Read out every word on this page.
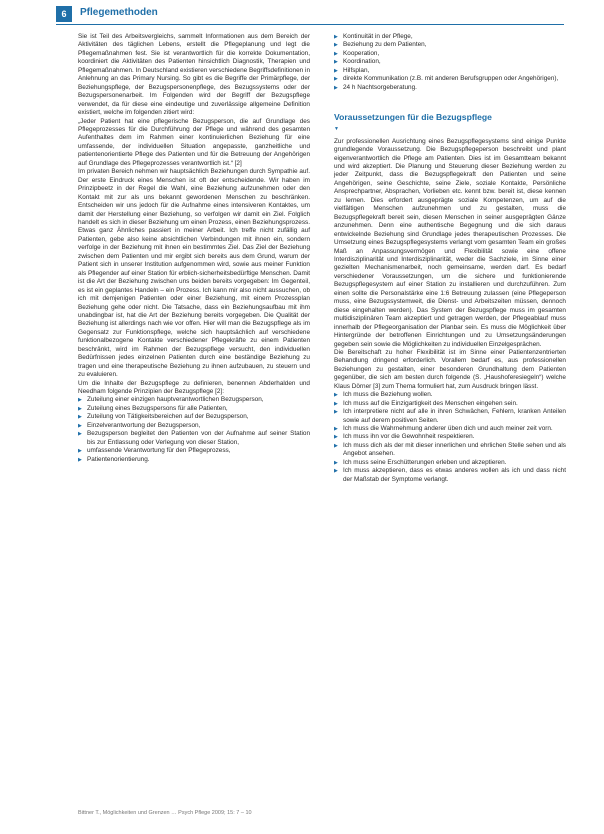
6	Pflegemethoden

Sie ist Teil des Arbeitsvergleichs, sammelt Informationen aus dem Bereich der Aktivitäten des täglichen Lebens, erstellt die Pflegeplanung und legt die Pflegemaßnahmen fest. Sie ist verantwortlich für die korrekte Dokumentation, koordiniert die Aktivitäten des Patienten hinsichtlich Diagnostik, Therapien und Pflegemaßnahmen. In Deutschland existieren verschiedene Begriffsdefinitionen in Anlehnung an das Primary Nursing. So gibt es die Begriffe der Primärpflege, der Beziehungspflege, der Bezugspersonenpflege, des Bezugssystems oder der Bezugspersonenarbeit. Im Folgenden wird der Begriff der Bezugspflege verwendet, da für diese eine eindeutige und zuverlässige allgemeine Definition existiert, welche im folgenden zitiert wird:

„Jeder Patient hat eine pflegerische Bezugsperson, die auf Grundlage des Pflegeprozesses für die Durchführung der Pflege und während des gesamten Aufenthaltes dem im Rahmen einer kontinuierlichen Beziehung für eine umfassende, der individuellen Situation angepasste, ganzheitliche und patientenorientierte Pflege des Patienten und für die Betreuung der Angehörigen auf Grundlage des Pflegeprozesses verantwortlich ist.“ [2]

Im privaten Bereich nehmen wir hauptsächlich Beziehungen durch Sympathie auf. Der erste Eindruck eines Menschen ist oft der entscheidende. Wir haben im Prinzipbeetz in der Regel die Wahl, eine Beziehung aufzunehmen oder den Kontakt mit zur als uns bekannt gewordenen Menschen zu beschränken. Entscheiden wir uns jedoch für die Aufnahme eines intensiveren Kontaktes, um damit der Herstellung einer Beziehung, so verfolgen wir damit ein Ziel. Folglich handelt es sich in dieser Beziehung um einen Prozess, einen Beziehungsprozess.

Etwas ganz Ähnliches passiert in meiner Arbeit. Ich treffe nicht zufällig auf Patienten, gebe also keine absichtlichen Verbindungen mit ihnen ein, sondern verfolge in der Beziehung mit ihnen ein bestimmtes Ziel. Das Ziel der Beziehung zwischen dem Patienten und mir ergibt sich bereits aus dem Grund, warum der Patient sich in unserer Institution aufgenommen wird, sowie aus meiner Funktion als Pflegender auf einer Station für erblich-sicherheitsbedürftige Menschen. Damit ist die Art der Beziehung zwischen uns beiden bereits vorgegeben: Im Gegenteil, es ist ein geplantes Handeln – ein Prozess. Ich kann mir also nicht aussuchen, ob ich mit demjenigen Patienten oder einer Beziehung, mit einem Prozessplan Beziehung gehe oder nicht. Die Tatsache, dass ein Beziehungsaufbau mit ihm unabdingbar ist, hat die Art der Beziehung bereits vorgegeben. Die Qualität der Beziehung ist allerdings nach wie vor offen. Hier will man die Bezugspflege als im Gegensatz zur Funktionspflege, welche sich hauptsächlich auf verschiedene funktionalbezogene Kontakte verschiedener Pflegekräfte zu einem Patienten beschränkt, wird im Rahmen der Bezugspflege versucht, den individuellen Bedürfnissen jedes einzelnen Patienten durch eine beständige Beziehung zu tragen und eine therapeutische Beziehung zu ihnen aufzubauen, zu steuern und zu evaluieren.

Um die Inhalte der Bezugspflege zu definieren, benennen Abderhalden und Needham folgende Prinzipien der Bezugspflege [2]:

▶ Zuteilung einer einzigen hauptverantwortlichen Bezugsperson,
▶ Zuteilung eines Bezugspersons für alle Patienten,
▶ Zuteilung von Tätigkeitsbereichen auf der Bezugsperson,
▶ Einzelverantwortung der Bezugsperson,
▶ Bezugsperson begleitet den Patienten von der Aufnahme auf seiner Station bis zur Entlassung oder Verlegung von dieser Station,
▶ umfassende Verantwortung für den Pflegeprozess,
▶ Patientenorientierung.
▶ Kontinuität in der Pflege,
▶ Beziehung zu dem Patienten,
▶ Kooperation,
▶ Koordination,
▶ Hilfsplan,
▶ direkte Kommunikation (z.B. mit anderen Berufsgruppen oder Angehörigen),
▶ 24 h Nachtsorgeberatung.
Voraussetzungen für die Bezugspflege
▼

Zur professionellen Ausrichtung eines Bezugspflegesystems sind einige Punkte grundlegende Voraussetzung. Die Bezugspflegeperson beschreibt und plant eigenverantwortlich die Pflege am Patienten. Dies ist im Gesamtteam bekannt und wird akzeptiert. Die Planung und Steuerung dieser Beziehung werden zu jeder Zeitpunkt, dass die Bezugspflegekraft den Patienten und seine Angehörigen, seine Geschichte, seine Ziele, soziale Kontakte, Persönliche Ansprechpartner, Absprachen, Vorlieben etc. kennt bzw. bereit ist, diese kennen zu lernen. Dies erfordert ausgeprägte soziale Kompetenzen, um auf die vielfältigen Menschen aufzunehmen und zu gestalten, muss die Bezugspflegekraft bereit sein, diesen Menschen in seiner ausgeprägten Gänze anzunehmen. Denn eine authentische Begegnung und die sich daraus entwickelnde Beziehung sind Grundlage jedes therapeutischen Prozesses. Die Umsetzung eines Bezugspflegesystems verlangt vom gesamten Team ein großes Maß an Anpassungsvermögen und Flexibilität sowie eine offene Interdisziplinarität und Interdisziplinarität, weder die Sachziele, im Sinne einer gezielten Mechanismenarbeit, noch gemeinsame, werden darf. Es bedarf verschiedener Voraussetzungen, um die sichere und funktionierende Bezugspflegesystem auf einer Station zu installieren und durchzuführen. Zum einen sollte die Personalstärke eine 1:6 Betreuung zulassen (eine Pflegeperson muss, eine Bezugssystemweit, die Dienst- und Arbeitszeiten müssen, dennoch diese eingehalten werden). Das System der Bezugspflege muss im gesamten multidisziplinären Team akzeptiert und getragen werden, der Pflegeablauf muss innerhalb der Pflegeorganisation der Planbar sein. Es muss die Möglichkeit über Hintergründe der betroffenen Einrichtungen und zu Umsetzungsänderungen gegeben sein sowie die Möglichkeiten zu individuellen Einzelgesprächen.

Die Bereitschaft zu hoher Flexibilität ist im Sinne einer Patientenzentrierten Behandlung dringend erforderlich. Vorallem bedarf es, aus professionellen Beziehungen zu gestalten, einer besonderen Grundhaltung dem Patienten gegenüber, die sich am besten durch folgende (S. „Haushoferesiegeln“) welche Klaus Dörner [3] zum Thema formuliert hat, zum Ausdruck bringen lässt.

▶ Ich muss die Beziehung wollen.
▶ Ich muss auf die Einzigartigkeit des Menschen eingehen sein.
▶ Ich interpretiere nicht auf alle in ihren Schwächen, Fehlern, kranken Anteilen sowie auf derem positiven Seiten.
▶ Ich muss die Wahrnehmung anderer üben dich und auch meiner zeit vorn.
▶ Ich muss ihn vor die Gewohnheit respektieren.
▶ Ich muss dich als der mit dieser innerlichen und ehrlichen Stelle sehen und als Angebot ansehen.
▶ Ich muss seine Erschütterungen erleben und akzeptieren.
▶ Ich muss akzeptieren, dass es etwas anderes wollen als ich und dass nicht der Maßstab der Symptome verlangt.
Bittner T., Möglichkeiten und Grenzen … Psych Pflege 2009; 15: 7 – 10
